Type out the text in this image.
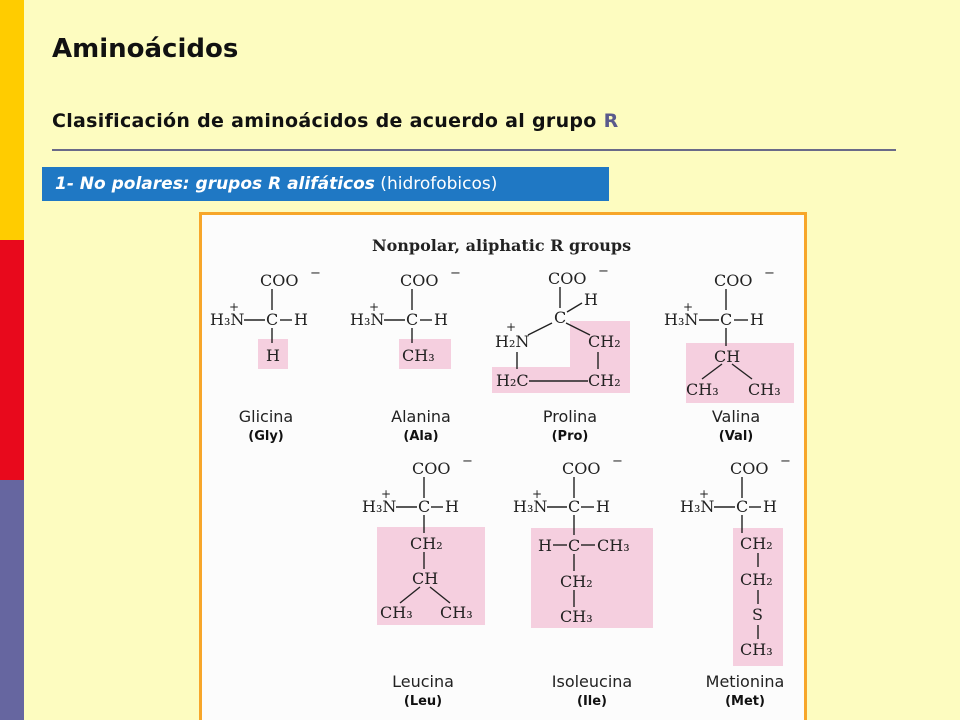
Aminoácidos
Clasificación de aminoácidos de acuerdo al grupo R
1- No polares: grupos R alifáticos (hidrofobicos)
Nonpolar, aliphatic R groups
COO −
+
H₃N C H
H
COO −
+
H₃N C H
CH₃
COO −
H
C
+
H₂N	CH₂
H₂C	CH₂
COO −
+
H₃N C H
CH
CH₃ CH₃
COO −
+
H₃N C H
CH₂
CH
CH₃ CH₃
COO −
+
H₃N C H
H C CH₃
CH₂
CH₃
COO −
+
H₃N C H
CH₂
CH₂
S
CH₃
Glicina
(Gly)
Alanina
(Ala)
Prolina
(Pro)
Valina
(Val)
Leucina
(Leu)
Isoleucina
(Ile)
Metionina
(Met)
